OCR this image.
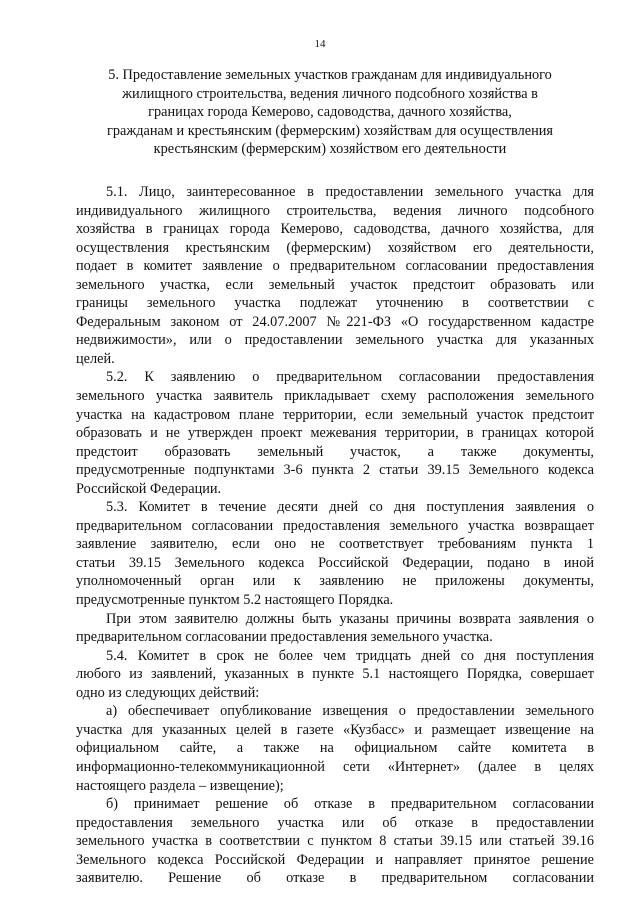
14
5. Предоставление земельных участков гражданам для индивидуального
жилищного строительства, ведения личного подсобного хозяйства в
границах города Кемерово, садоводства, дачного хозяйства,
гражданам и крестьянским (фермерским) хозяйствам для осуществления
крестьянским (фермерским) хозяйством его деятельности
5.1. Лицо, заинтересованное в предоставлении земельного участка для
индивидуального жилищного строительства, ведения личного подсобного
хозяйства в границах города Кемерово, садоводства, дачного хозяйства, для
осуществления крестьянским (фермерским) хозяйством его деятельности,
подает в комитет заявление о предварительном согласовании предоставления
земельного участка, если земельный участок предстоит образовать или
границы земельного участка подлежат уточнению в соответствии с
Федеральным законом от 24.07.2007 №221-ФЗ «О государственном кадастре
недвижимости», или о предоставлении земельного участка для указанных
целей.
5.2. К заявлению о предварительном согласовании предоставления
земельного участка заявитель прикладывает схему расположения земельного
участка на кадастровом плане территории, если земельный участок предстоит
образовать и не утвержден проект межевания территории, в границах которой
предстоит образовать земельный участок, а также документы,
предусмотренные подпунктами 3-6 пункта 2 статьи 39.15 Земельного кодекса
Российской Федерации.
5.3. Комитет в течение десяти дней со дня поступления заявления о
предварительном согласовании предоставления земельного участка возвращает
заявление заявителю, если оно не соответствует требованиям пункта 1
статьи 39.15 Земельного кодекса Российской Федерации, подано в иной
уполномоченный орган или к заявлению не приложены документы,
предусмотренные пунктом 5.2 настоящего Порядка.
При этом заявителю должны быть указаны причины возврата заявления о
предварительном согласовании предоставления земельного участка.
5.4. Комитет в срок не более чем тридцать дней со дня поступления
любого из заявлений, указанных в пункте 5.1 настоящего Порядка, совершает
одно из следующих действий:
а) обеспечивает опубликование извещения о предоставлении земельного
участка для указанных целей в газете «Кузбасс» и размещает извещение на
официальном сайте, а также на официальном сайте комитета в
информационно-телекоммуникационной сети «Интернет» (далее в целях
настоящего раздела – извещение);
б) принимает решение об отказе в предварительном согласовании
предоставления земельного участка или об отказе в предоставлении
земельного участка в соответствии с пунктом 8 статьи 39.15 или статьей 39.16
Земельного кодекса Российской Федерации и направляет принятое решение
заявителю. Решение об отказе в предварительном согласовании
